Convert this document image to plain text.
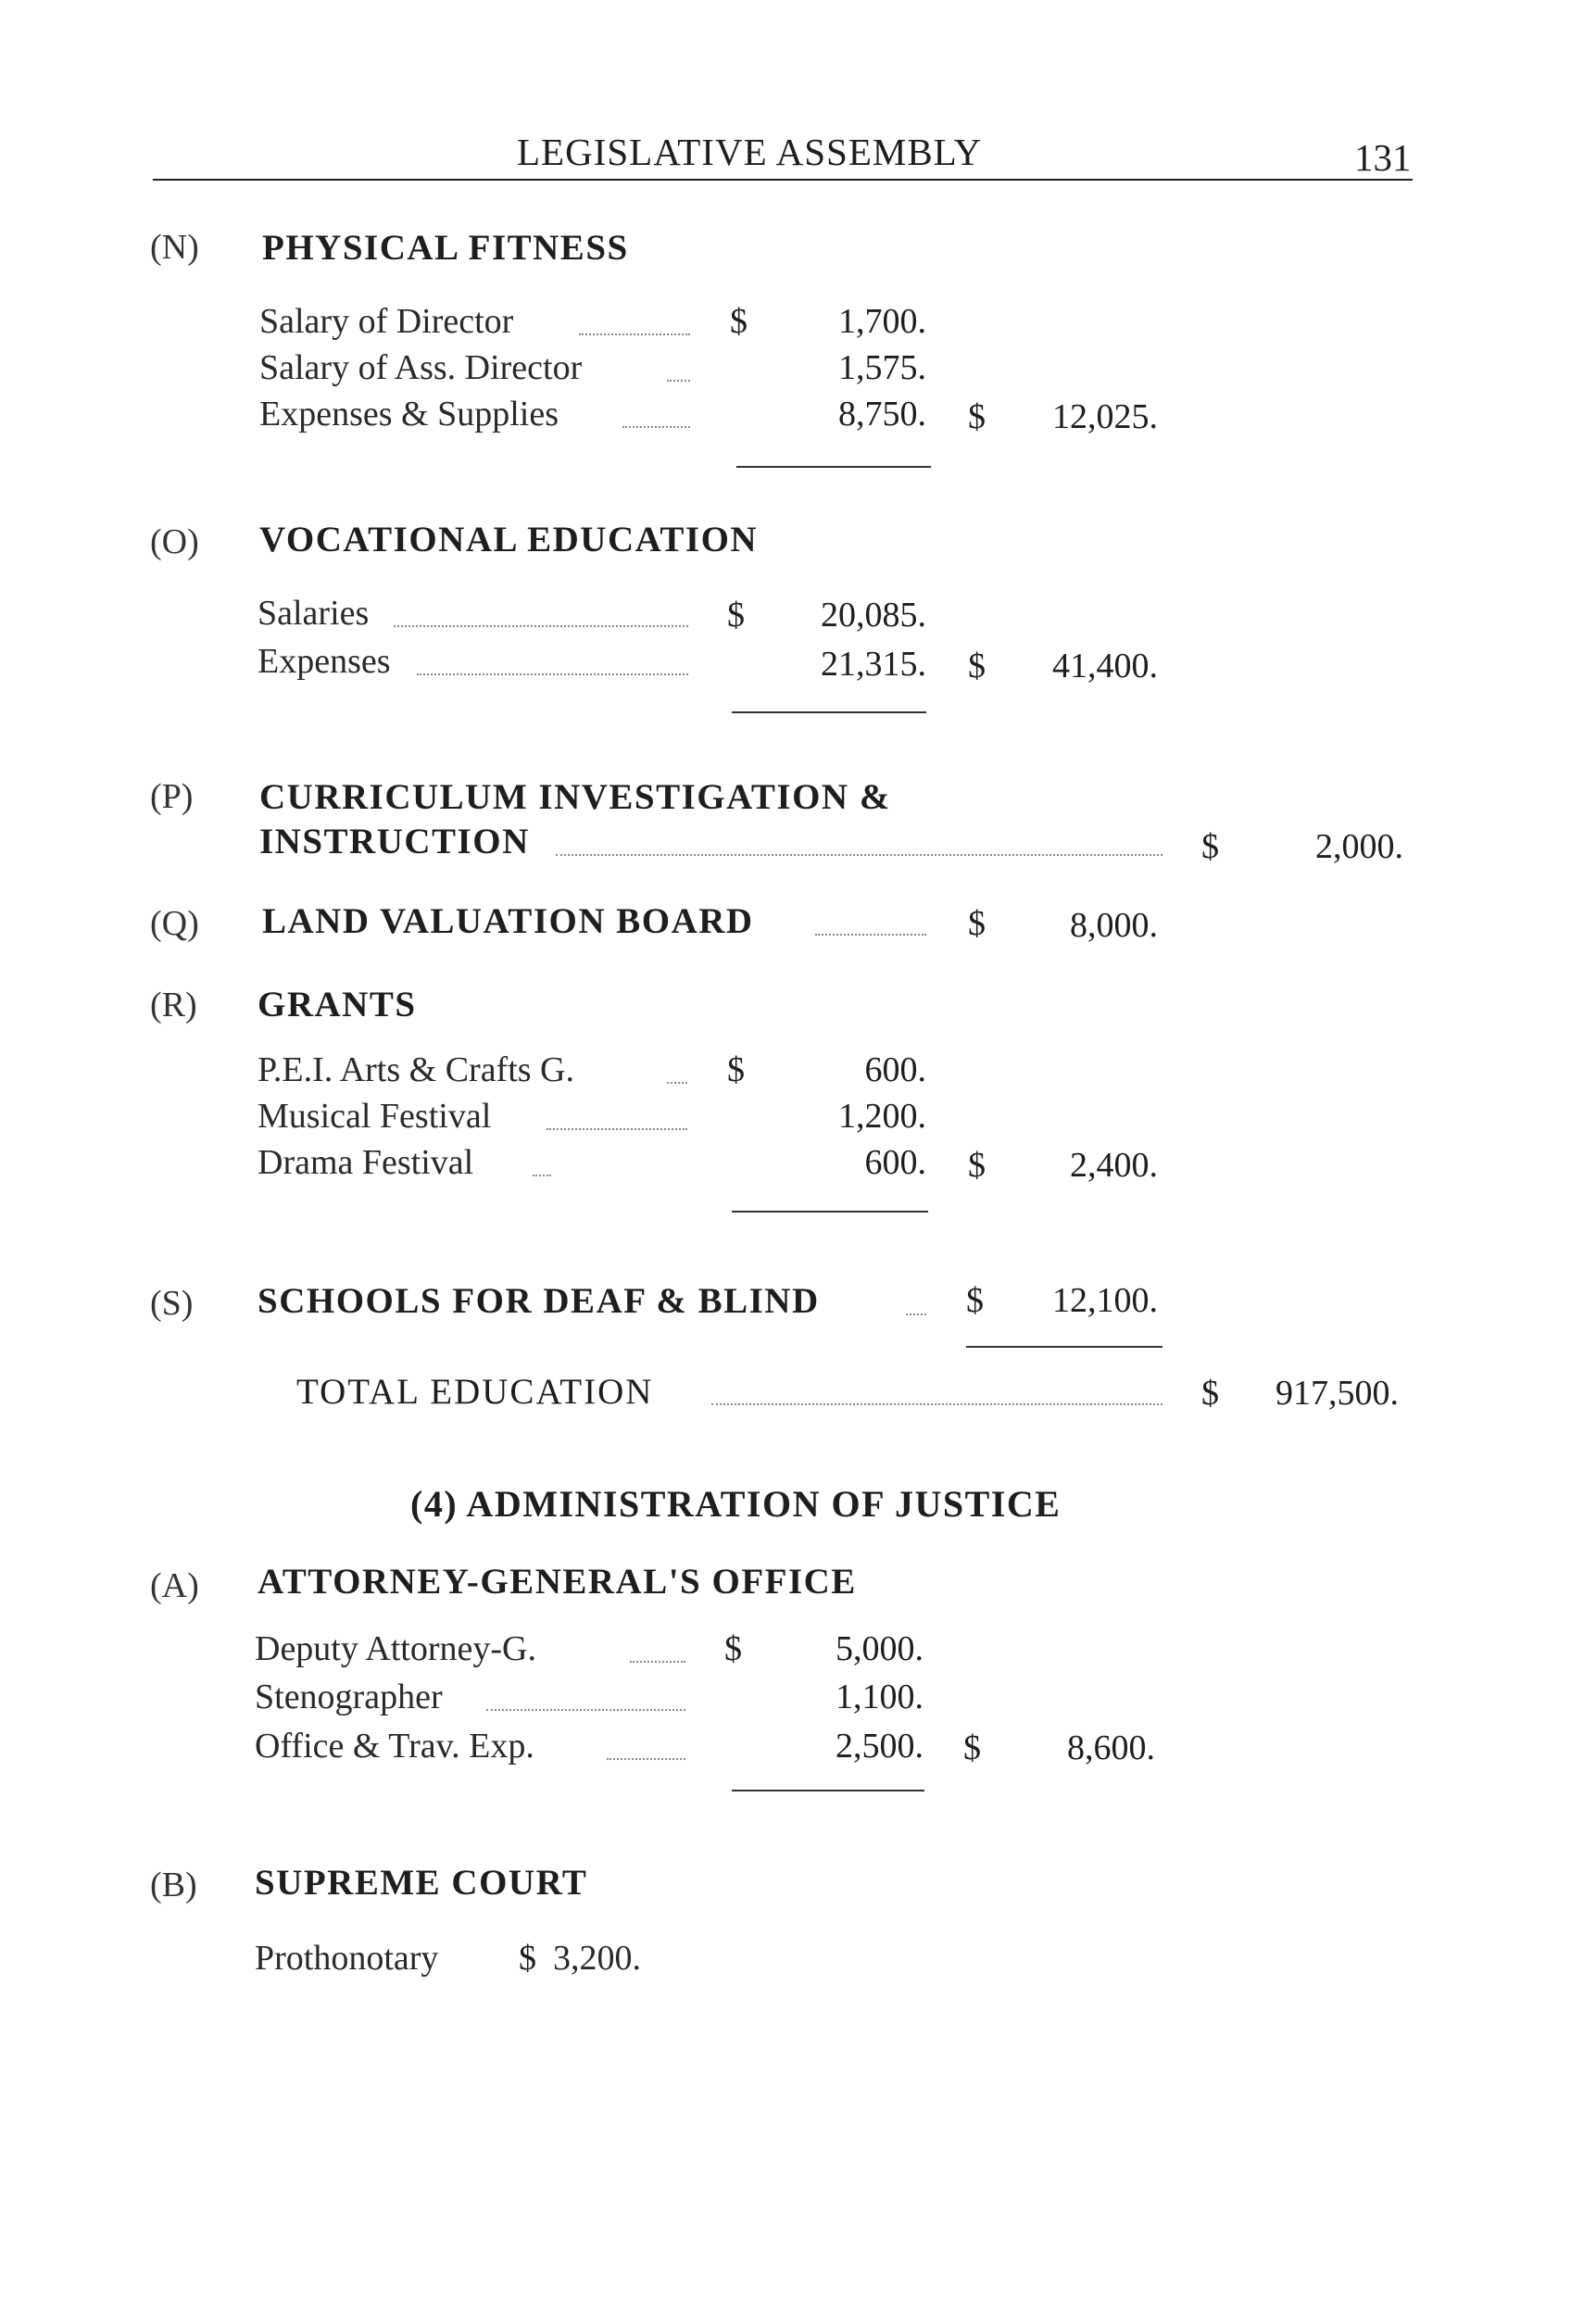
LEGISLATIVE ASSEMBLY	131
(N) PHYSICAL FITNESS
Salary of Director	$	1,700.
Salary of Ass. Director	1,575.
Expenses & Supplies	8,750. $	12,025.
(O) VOCATIONAL EDUCATION
Salaries	$	20,085.
Expenses	21,315. $	41,400.
(P) CURRICULUM INVESTIGATION &
INSTRUCTION	$	2,000.
(Q) LAND VALUATION BOARD	$	8,000.
(R) GRANTS
P.E.I. Arts & Crafts G.	$	600.
Musical Festival	1,200.
Drama Festival	600. $	2,400.
(S) SCHOOLS FOR DEAF & BLIND	$	12,100.
TOTAL EDUCATION	$	917,500.
(4) ADMINISTRATION OF JUSTICE
(A) ATTORNEY-GENERAL'S OFFICE
Deputy Attorney-G.	$	5,000.
Stenographer	1,100.
Office & Trav. Exp.	2,500. $	8,600.
(B) SUPREME COURT
Prothonotary $ 3,200.
